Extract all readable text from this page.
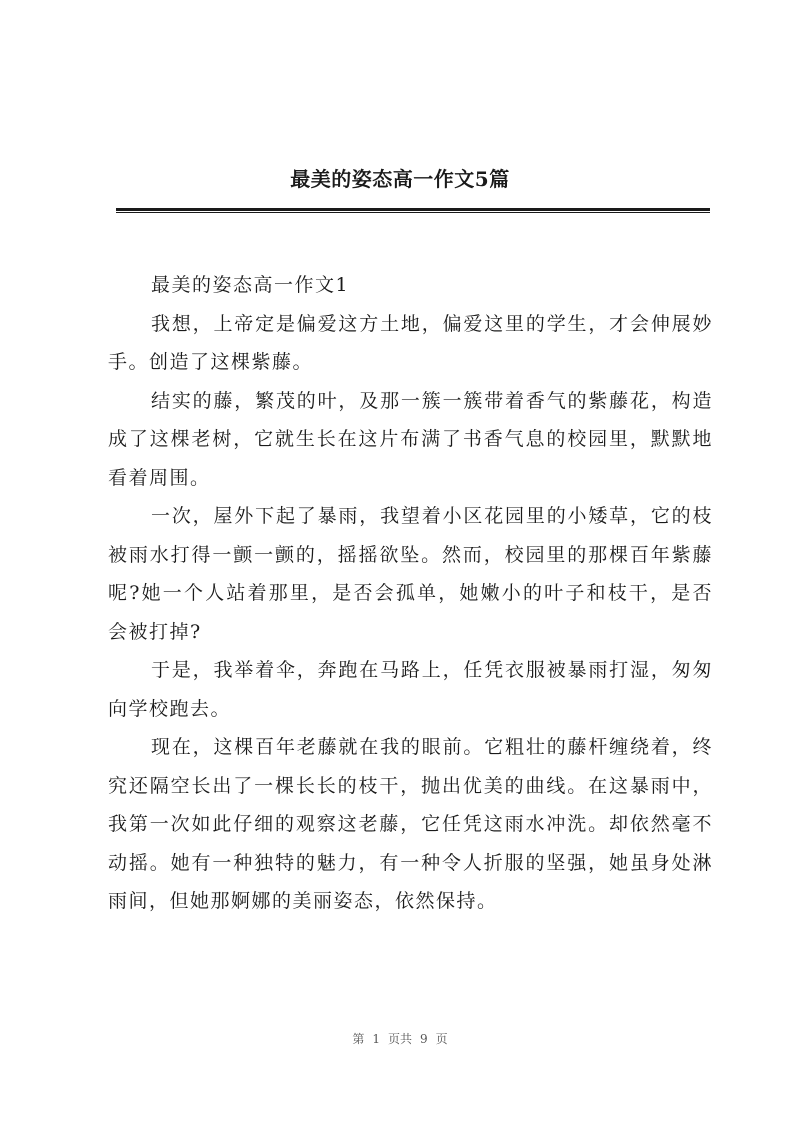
最美的姿态高一作文5篇

最美的姿态高一作文1

我想，上帝定是偏爱这方土地，偏爱这里的学生，才会伸展妙手。创造了这棵紫藤。

结实的藤，繁茂的叶，及那一簇一簇带着香气的紫藤花，构造成了这棵老树，它就生长在这片布满了书香气息的校园里，默默地看着周围。

一次，屋外下起了暴雨，我望着小区花园里的小矮草，它的枝被雨水打得一颤一颤的，摇摇欲坠。然而，校园里的那棵百年紫藤呢?她一个人站着那里，是否会孤单，她嫩小的叶子和枝干，是否会被打掉?

于是，我举着伞，奔跑在马路上，任凭衣服被暴雨打湿，匆匆向学校跑去。

现在，这棵百年老藤就在我的眼前。它粗壮的藤杆缠绕着，终究还隔空长出了一棵长长的枝干，抛出优美的曲线。在这暴雨中，我第一次如此仔细的观察这老藤，它任凭这雨水冲洗。却依然毫不动摇。她有一种独特的魅力，有一种令人折服的坚强，她虽身处淋雨间，但她那婀娜的美丽姿态，依然保持。

第 1 页共 9 页
